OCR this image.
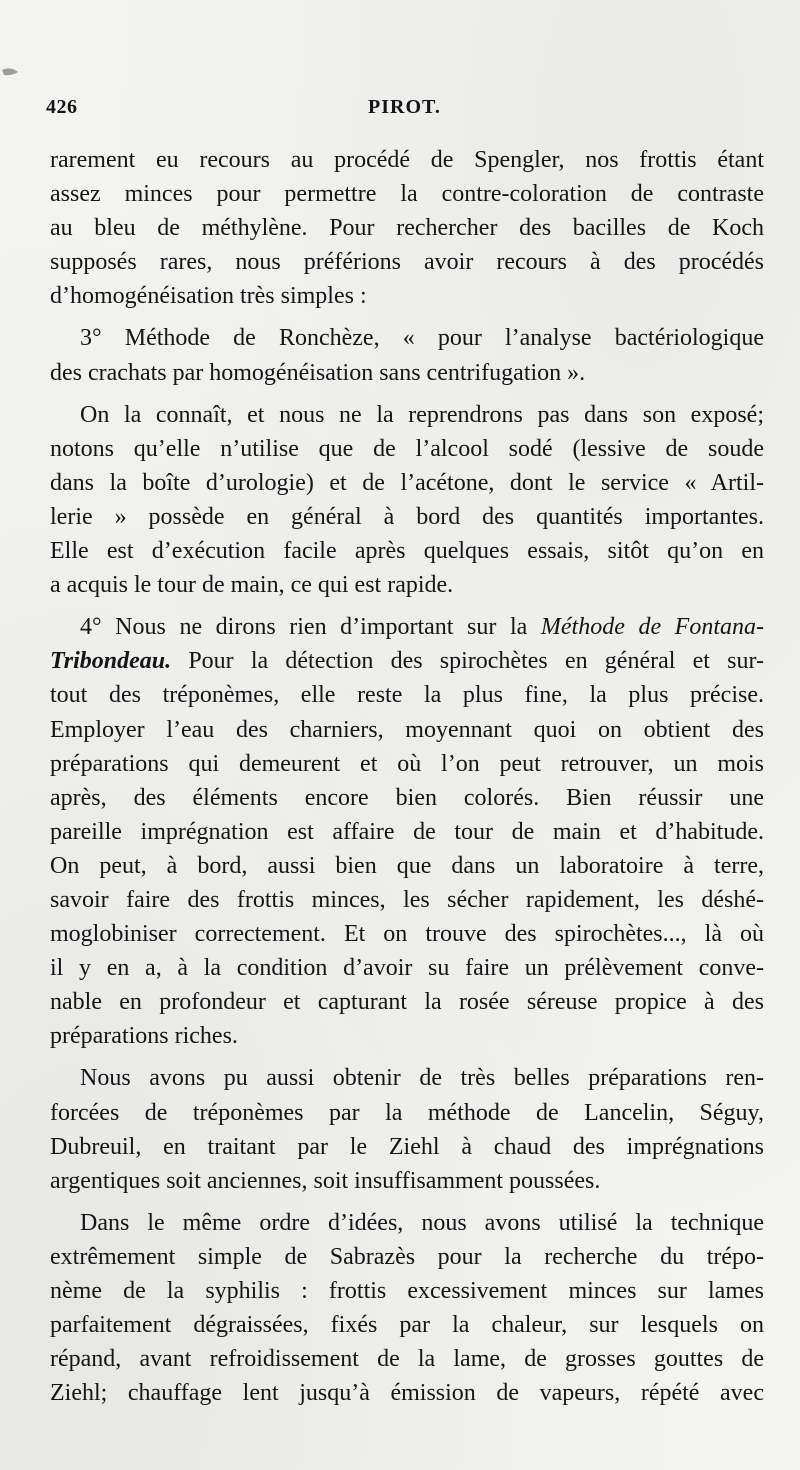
426	PIROT.
rarement eu recours au procédé de Spengler, nos frottis étant
assez minces pour permettre la contre-coloration de contraste
au bleu de méthylène. Pour rechercher des bacilles de Koch
supposés rares, nous préférions avoir recours à des procédés
d’homogénéisation très simples :
3° Méthode de Ronchèze, « pour l’analyse bactériologique
des crachats par homogénéisation sans centrifugation ».
On la connaît, et nous ne la reprendrons pas dans son exposé;
notons qu’elle n’utilise que de l’alcool sodé (lessive de soude
dans la boîte d’urologie) et de l’acétone, dont le service « Artil-
lerie » possède en général à bord des quantités importantes.
Elle est d’exécution facile après quelques essais, sitôt qu’on en
a acquis le tour de main, ce qui est rapide.
4° Nous ne dirons rien d’important sur la Méthode de Fontana-
Tribondeau. Pour la détection des spirochètes en général et sur-
tout des tréponèmes, elle reste la plus fine, la plus précise.
Employer l’eau des charniers, moyennant quoi on obtient des
préparations qui demeurent et où l’on peut retrouver, un mois
après, des éléments encore bien colorés. Bien réussir une
pareille imprégnation est affaire de tour de main et d’habitude.
On peut, à bord, aussi bien que dans un laboratoire à terre,
savoir faire des frottis minces, les sécher rapidement, les déshé-
moglobiniser correctement. Et on trouve des spirochètes..., là où
il y en a, à la condition d’avoir su faire un prélèvement conve-
nable en profondeur et capturant la rosée séreuse propice à des
préparations riches.
Nous avons pu aussi obtenir de très belles préparations ren-
forcées de tréponèmes par la méthode de Lancelin, Séguy,
Dubreuil, en traitant par le Ziehl à chaud des imprégnations
argentiques soit anciennes, soit insuffisamment poussées.
Dans le même ordre d’idées, nous avons utilisé la technique
extrêmement simple de Sabrazès pour la recherche du trépo-
nème de la syphilis : frottis excessivement minces sur lames
parfaitement dégraissées, fixés par la chaleur, sur lesquels on
répand, avant refroidissement de la lame, de grosses gouttes de
Ziehl; chauffage lent jusqu’à émission de vapeurs, répété avec
